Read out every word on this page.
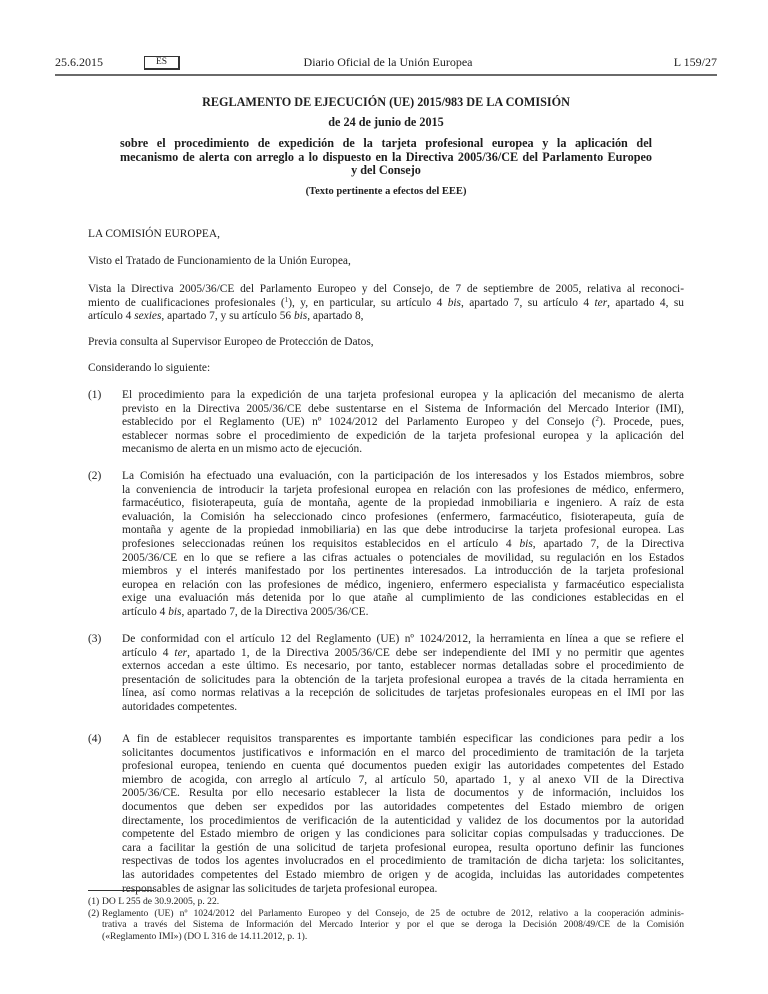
25.6.2015	ES	Diario Oficial de la Unión Europea	L 159/27
REGLAMENTO DE EJECUCIÓN (UE) 2015/983 DE LA COMISIÓN
de 24 de junio de 2015
sobre el procedimiento de expedición de la tarjeta profesional europea y la aplicación del
mecanismo de alerta con arreglo a lo dispuesto en la Directiva 2005/36/CE del Parlamento Europeo
y del Consejo
(Texto pertinente a efectos del EEE)
LA COMISIÓN EUROPEA,
Visto el Tratado de Funcionamiento de la Unión Europea,
Vista la Directiva 2005/36/CE del Parlamento Europeo y del Consejo, de 7 de septiembre de 2005, relativa al reconoci-
miento de cualificaciones profesionales ($^1$), y, en particular, su artículo 4 bis, apartado 7, su artículo 4 ter, apartado 4, su
artículo 4 sexies, apartado 7, y su artículo 56 bis, apartado 8,
Previa consulta al Supervisor Europeo de Protección de Datos,
Considerando lo siguiente:
(1) El procedimiento para la expedición de una tarjeta profesional europea y la aplicación del mecanismo de alerta
previsto en la Directiva 2005/36/CE debe sustentarse en el Sistema de Información del Mercado Interior (IMI),
establecido por el Reglamento (UE) nº 1024/2012 del Parlamento Europeo y del Consejo ($^2$). Procede, pues,
establecer normas sobre el procedimiento de expedición de la tarjeta profesional europea y la aplicación del
mecanismo de alerta en un mismo acto de ejecución.
(2) La Comisión ha efectuado una evaluación, con la participación de los interesados y los Estados miembros, sobre
la conveniencia de introducir la tarjeta profesional europea en relación con las profesiones de médico, enfermero,
farmacéutico, fisioterapeuta, guía de montaña, agente de la propiedad inmobiliaria e ingeniero. A raíz de esta
evaluación, la Comisión ha seleccionado cinco profesiones (enfermero, farmacéutico, fisioterapeuta, guía de
montaña y agente de la propiedad inmobiliaria) en las que debe introducirse la tarjeta profesional europea. Las
profesiones seleccionadas reúnen los requisitos establecidos en el artículo 4 bis, apartado 7, de la Directiva
2005/36/CE en lo que se refiere a las cifras actuales o potenciales de movilidad, su regulación en los Estados
miembros y el interés manifestado por los pertinentes interesados. La introducción de la tarjeta profesional
europea en relación con las profesiones de médico, ingeniero, enfermero especialista y farmacéutico especialista
exige una evaluación más detenida por lo que atañe al cumplimiento de las condiciones establecidas en el
artículo 4 bis, apartado 7, de la Directiva 2005/36/CE.
(3) De conformidad con el artículo 12 del Reglamento (UE) nº 1024/2012, la herramienta en línea a que se refiere el
artículo 4 ter, apartado 1, de la Directiva 2005/36/CE debe ser independiente del IMI y no permitir que agentes
externos accedan a este último. Es necesario, por tanto, establecer normas detalladas sobre el procedimiento de
presentación de solicitudes para la obtención de la tarjeta profesional europea a través de la citada herramienta en
línea, así como normas relativas a la recepción de solicitudes de tarjetas profesionales europeas en el IMI por las
autoridades competentes.
(4) A fin de establecer requisitos transparentes es importante también especificar las condiciones para pedir a los
solicitantes documentos justificativos e información en el marco del procedimiento de tramitación de la tarjeta
profesional europea, teniendo en cuenta qué documentos pueden exigir las autoridades competentes del Estado
miembro de acogida, con arreglo al artículo 7, al artículo 50, apartado 1, y al anexo VII de la Directiva
2005/36/CE. Resulta por ello necesario establecer la lista de documentos y de información, incluidos los
documentos que deben ser expedidos por las autoridades competentes del Estado miembro de origen
directamente, los procedimientos de verificación de la autenticidad y validez de los documentos por la autoridad
competente del Estado miembro de origen y las condiciones para solicitar copias compulsadas y traducciones. De
cara a facilitar la gestión de una solicitud de tarjeta profesional europea, resulta oportuno definir las funciones
respectivas de todos los agentes involucrados en el procedimiento de tramitación de dicha tarjeta: los solicitantes,
las autoridades competentes del Estado miembro de origen y de acogida, incluidas las autoridades competentes
responsables de asignar las solicitudes de tarjeta profesional europea.
(1) DO L 255 de 30.9.2005, p. 22.
(2) Reglamento (UE) nº 1024/2012 del Parlamento Europeo y del Consejo, de 25 de octubre de 2012, relativo a la cooperación adminis-
trativa a través del Sistema de Información del Mercado Interior y por el que se deroga la Decisión 2008/49/CE de la Comisión
(«Reglamento IMI») (DO L 316 de 14.11.2012, p. 1).
